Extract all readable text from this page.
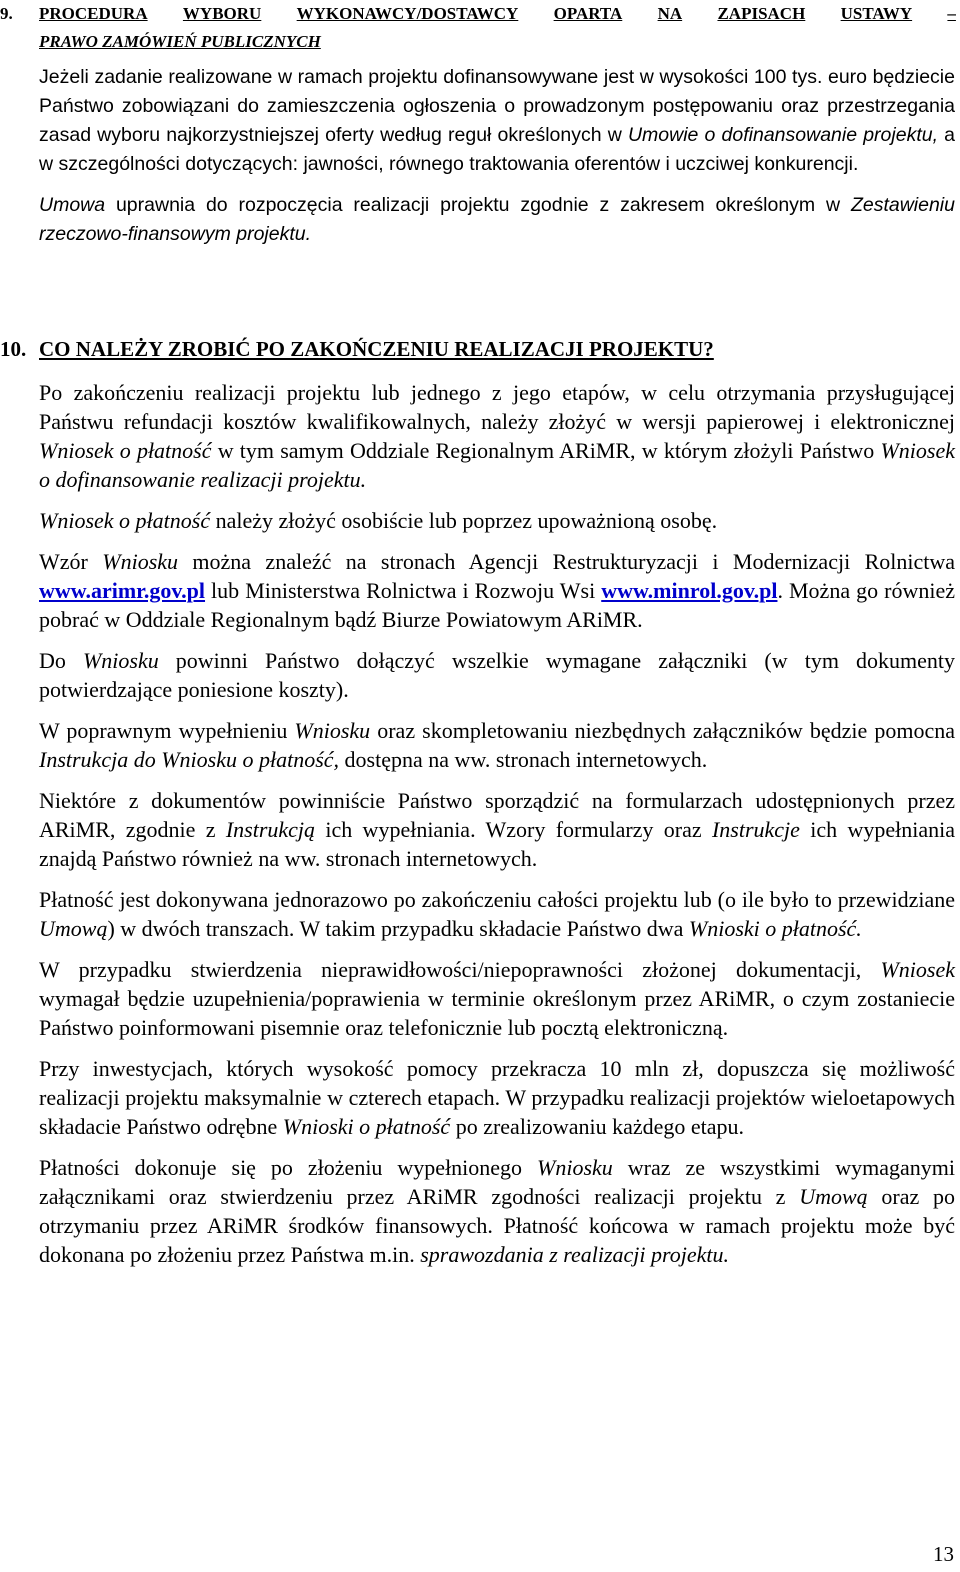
9. PROCEDURA WYBORU WYKONAWCY/DOSTAWCY OPARTA NA ZAPISACH USTAWY –
PRAWO ZAMÓWIEŃ PUBLICZNYCH

Jeżeli zadanie realizowane w ramach projektu dofinansowywane jest w wysokości 100 tys. euro będziecie Państwo zobowiązani do zamieszczenia ogłoszenia o prowadzonym postępowaniu oraz przestrzegania zasad wyboru najkorzystniejszej oferty według reguł określonych w Umowie o dofinansowanie projektu, a w szczególności dotyczących: jawności, równego traktowania oferentów i uczciwej konkurencji.

Umowa uprawnia do rozpoczęcia realizacji projektu zgodnie z zakresem określonym w Zestawieniu rzeczowo-finansowym projektu.

10. CO NALEŻY ZROBIĆ PO ZAKOŃCZENIU REALIZACJI PROJEKTU?

Po zakończeniu realizacji projektu lub jednego z jego etapów, w celu otrzymania przysługującej Państwu refundacji kosztów kwalifikowalnych, należy złożyć w wersji papierowej i elektronicznej Wniosek o płatność w tym samym Oddziale Regionalnym ARiMR, w którym złożyli Państwo Wniosek o dofinansowanie realizacji projektu.

Wniosek o płatność należy złożyć osobiście lub poprzez upoważnioną osobę.

Wzór Wniosku można znaleźć na stronach Agencji Restrukturyzacji i Modernizacji Rolnictwa www.arimr.gov.pl lub Ministerstwa Rolnictwa i Rozwoju Wsi www.minrol.gov.pl. Można go również pobrać w Oddziale Regionalnym bądź Biurze Powiatowym ARiMR.

Do Wniosku powinni Państwo dołączyć wszelkie wymagane załączniki (w tym dokumenty potwierdzające poniesione koszty).

W poprawnym wypełnieniu Wniosku oraz skompletowaniu niezbędnych załączników będzie pomocna Instrukcja do Wniosku o płatność, dostępna na ww. stronach internetowych.

Niektóre z dokumentów powinniście Państwo sporządzić na formularzach udostępnionych przez ARiMR, zgodnie z Instrukcją ich wypełniania. Wzory formularzy oraz Instrukcje ich wypełniania znajdą Państwo również na ww. stronach internetowych.

Płatność jest dokonywana jednorazowo po zakończeniu całości projektu lub (o ile było to przewidziane Umową) w dwóch transzach. W takim przypadku składacie Państwo dwa Wnioski o płatność.

W przypadku stwierdzenia nieprawidłowości/niepoprawności złożonej dokumentacji, Wniosek wymagał będzie uzupełnienia/poprawienia w terminie określonym przez ARiMR, o czym zostaniecie Państwo poinformowani pisemnie oraz telefonicznie lub pocztą elektroniczną.

Przy inwestycjach, których wysokość pomocy przekracza 10 mln zł, dopuszcza się możliwość realizacji projektu maksymalnie w czterech etapach. W przypadku realizacji projektów wieloetapowych składacie Państwo odrębne Wnioski o płatność po zrealizowaniu każdego etapu.

Płatności dokonuje się po złożeniu wypełnionego Wniosku wraz ze wszystkimi wymaganymi załącznikami oraz stwierdzeniu przez ARiMR zgodności realizacji projektu z Umową oraz po otrzymaniu przez ARiMR środków finansowych. Płatność końcowa w ramach projektu może być dokonana po złożeniu przez Państwa m.in. sprawozdania z realizacji projektu.

13
